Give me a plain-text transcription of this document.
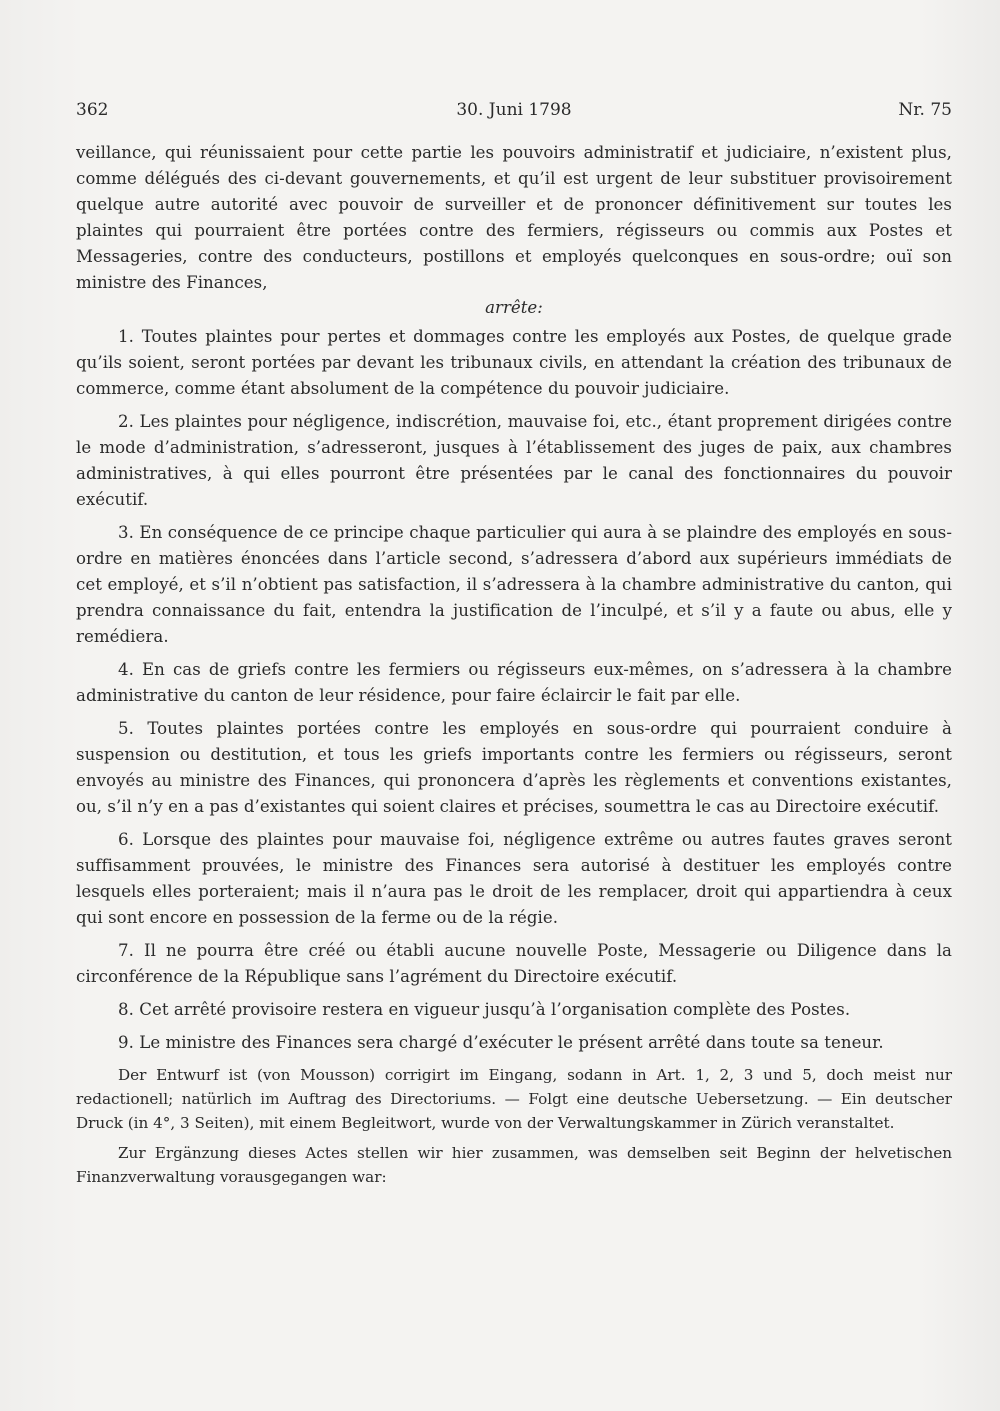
362	30. Juni 1798	Nr. 75

veillance, qui réunissaient pour cette partie les pouvoirs administratif et judiciaire, n’existent plus, comme délégués des ci-devant gouvernements, et qu’il est urgent de leur substituer provisoirement quelque autre autorité avec pouvoir de surveiller et de prononcer définitivement sur toutes les plaintes qui pourraient être portées contre des fermiers, régisseurs ou commis aux Postes et Messageries, contre des conducteurs, postillons et employés quelconques en sous-ordre; ouï son ministre des Finances,

arrête:

1. Toutes plaintes pour pertes et dommages contre les employés aux Postes, de quelque grade qu’ils soient, seront portées par devant les tribunaux civils, en attendant la création des tribunaux de commerce, comme étant absolument de la compétence du pouvoir judiciaire.

2. Les plaintes pour négligence, indiscrétion, mauvaise foi, etc., étant proprement dirigées contre le mode d’administration, s’adresseront, jusques à l’établissement des juges de paix, aux chambres administratives, à qui elles pourront être présentées par le canal des fonctionnaires du pouvoir exécutif.

3. En conséquence de ce principe chaque particulier qui aura à se plaindre des employés en sous-ordre en matières énoncées dans l’article second, s’adressera d’abord aux supérieurs immédiats de cet employé, et s’il n’obtient pas satisfaction, il s’adressera à la chambre administrative du canton, qui prendra connaissance du fait, entendra la justification de l’inculpé, et s’il y a faute ou abus, elle y remédiera.

4. En cas de griefs contre les fermiers ou régisseurs eux-mêmes, on s’adressera à la chambre administrative du canton de leur résidence, pour faire éclaircir le fait par elle.

5. Toutes plaintes portées contre les employés en sous-ordre qui pourraient conduire à suspension ou destitution, et tous les griefs importants contre les fermiers ou régisseurs, seront envoyés au ministre des Finances, qui prononcera d’après les règlements et conventions existantes, ou, s’il n’y en a pas d’existantes qui soient claires et précises, soumettra le cas au Directoire exécutif.

6. Lorsque des plaintes pour mauvaise foi, négligence extrême ou autres fautes graves seront suffisamment prouvées, le ministre des Finances sera autorisé à destituer les employés contre lesquels elles porteraient; mais il n’aura pas le droit de les remplacer, droit qui appartiendra à ceux qui sont encore en possession de la ferme ou de la régie.

7. Il ne pourra être créé ou établi aucune nouvelle Poste, Messagerie ou Diligence dans la circonférence de la République sans l’agrément du Directoire exécutif.

8. Cet arrêté provisoire restera en vigueur jusqu’à l’organisation complète des Postes.

9. Le ministre des Finances sera chargé d’exécuter le présent arrêté dans toute sa teneur.

Der Entwurf ist (von Mousson) corrigirt im Eingang, sodann in Art. 1, 2, 3 und 5, doch meist nur redactionell; natürlich im Auftrag des Directoriums. — Folgt eine deutsche Uebersetzung. — Ein deutscher Druck (in 4°, 3 Seiten), mit einem Begleitwort, wurde von der Verwaltungskammer in Zürich veranstaltet.

Zur Ergänzung dieses Actes stellen wir hier zusammen, was demselben seit Beginn der helvetischen Finanzverwaltung vorausgegangen war:
